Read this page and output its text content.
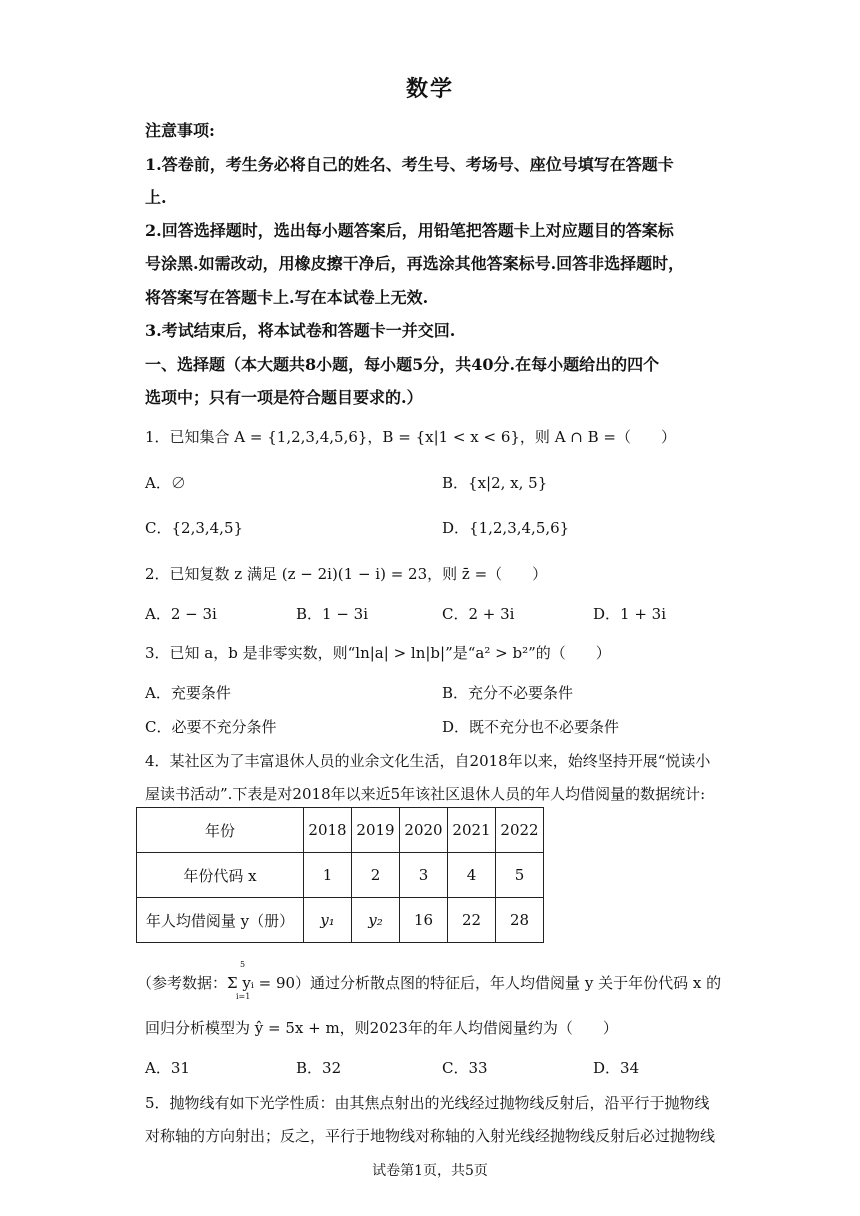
数学
注意事项:
1.答卷前，考生务必将自己的姓名、考生号、考场号、座位号填写在答题卡
上.
2.回答选择题时，选出每小题答案后，用铅笔把答题卡上对应题目的答案标
号涂黑.如需改动，用橡皮擦干净后，再选涂其他答案标号.回答非选择题时，
将答案写在答题卡上.写在本试卷上无效.
3.考试结束后，将本试卷和答题卡一并交回.
一、选择题（本大题共8小题，每小题5分，共40分.在每小题给出的四个
选项中；只有一项是符合题目要求的.）
1．已知集合 A = {1,2,3,4,5,6}，B = {x|1 < x < 6}，则 A ∩ B =（　　）
A．∅	B．{x|2, x, 5}
C．{2,3,4,5}	D．{1,2,3,4,5,6}
2．已知复数 z 满足 (z − 2i)(1 − i) = 23，则 z̄ =（　　）
A．2 − 3i	B．1 − 3i	C．2 + 3i	D．1 + 3i
3．已知 a，b 是非零实数，则“ln|a| > ln|b|”是“a² > b²”的（　　）
A．充要条件	B．充分不必要条件
C．必要不充分条件	D．既不充分也不必要条件
4．某社区为了丰富退休人员的业余文化生活，自2018年以来，始终坚持开展“悦读小
屋读书活动”.下表是对2018年以来近5年该社区退休人员的年人均借阅量的数据统计:
年份	2018	2019	2020	2021	2022
年份代码 x	1	2	3	4	5
年人均借阅量 y（册）	y₁	y₂	16	22	28
（参考数据：Σ yᵢ = 90）通过分析散点图的特征后，年人均借阅量 y 关于年份代码 x 的
5
i=1
回归分析模型为 ŷ = 5x + m，则2023年的年人均借阅量约为（　　）
A．31	B．32	C．33	D．34
5．抛物线有如下光学性质：由其焦点射出的光线经过抛物线反射后，沿平行于抛物线
对称轴的方向射出；反之，平行于地物线对称轴的入射光线经抛物线反射后必过抛物线
试卷第1页，共5页
